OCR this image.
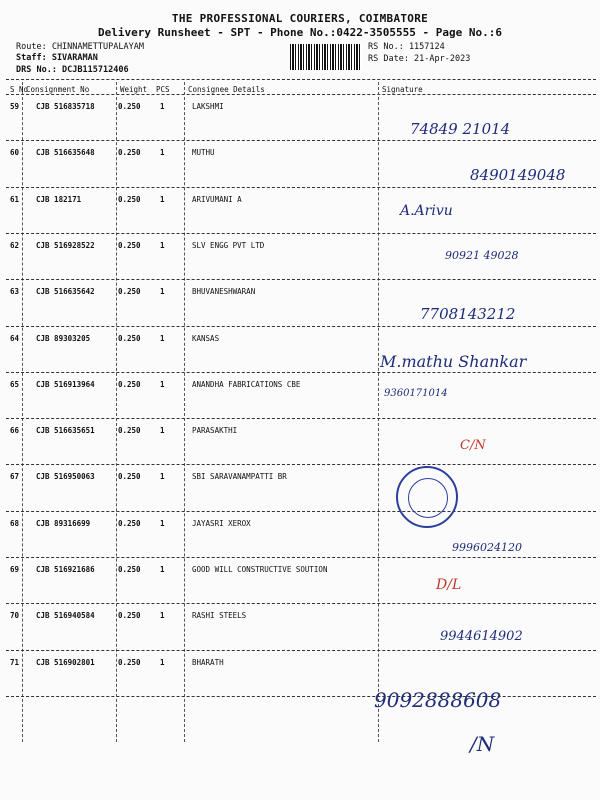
THE PROFESSIONAL COURIERS, COIMBATORE
Delivery Runsheet - SPT - Phone No.:0422-3505555 - Page No.:6
Route: CHINNAMETTUPALAYAM
Staff: SIVARAMAN
DRS No.: DCJB115712406
RS No.: 1157124
RS Date: 21-Apr-2023
S No
Consignment No	Weight PCS Consignee Details	Signature
59 CJB 516835718	0.250	1	LAKSHMI
74849 21014
60 CJB 516635648	0.250	1	MUTHU
8490149048
61 CJB 182171	0.250	1	ARIVUMANI A
A.Arivu
62 CJB 516928522	0.250	1	SLV ENGG PVT LTD
90921 49028
63 CJB 516635642	0.250	1	BHUVANESHWARAN
7708143212
64 CJB 89303205	0.250	1	KANSAS
M.mathu Shankar
65 CJB 516913964	0.250	1	ANANDHA FABRICATIONS CBE
9360171014
66 CJB 516635651	0.250	1	PARASAKTHI
C/N
67 CJB 516950063	0.250	1	SBI SARAVANAMPATTI BR
68 CJB 89316699	0.250	1	JAYASRI XEROX
9996024120
69 CJB 516921686	0.250	1	GOOD WILL CONSTRUCTIVE SOUTION
D/L
70 CJB 516940584	0.250	1	RASHI STEELS
9944614902
71 CJB 516902801	0.250	1	BHARATH
9092888608
/N
